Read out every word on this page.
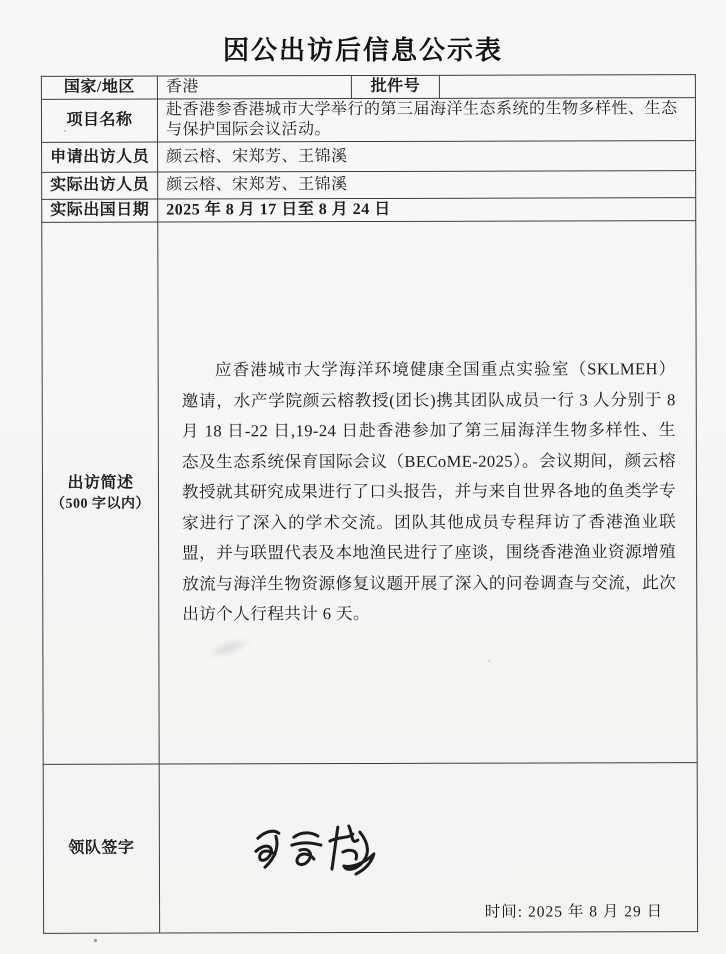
因公出访后信息公示表
国家/地区	香港	批件号	
项目名称	赴香港参香港城市大学举行的第三届海洋生态系统的生物多样性、生态与保护国际会议活动。		
申请出访人员	颜云榕、宋郑芳、王锦溪		
实际出访人员	颜云榕、宋郑芳、王锦溪		
实际出国日期	2025 年 8 月 17 日至 8 月 24 日		
出访简述
（500 字以内）	应香港城市大学海洋环境健康全国重点实验室（SKLMEH）邀请，水产学院颜云榕教授(团长)携其团队成员一行 3 人分别于 8 月 18 日-22 日,19-24 日赴香港参加了第三届海洋生物多样性、生态及生态系统保育国际会议（BECoME-2025）。会议期间，颜云榕教授就其研究成果进行了口头报告，并与来自世界各地的鱼类学专家进行了深入的学术交流。团队其他成员专程拜访了香港渔业联盟，并与联盟代表及本地渔民进行了座谈，围绕香港渔业资源增殖放流与海洋生物资源修复议题开展了深入的问卷调查与交流，此次出访个人行程共计 6 天。		

领队签字	时间: 2025 年 8 月 29 日		
